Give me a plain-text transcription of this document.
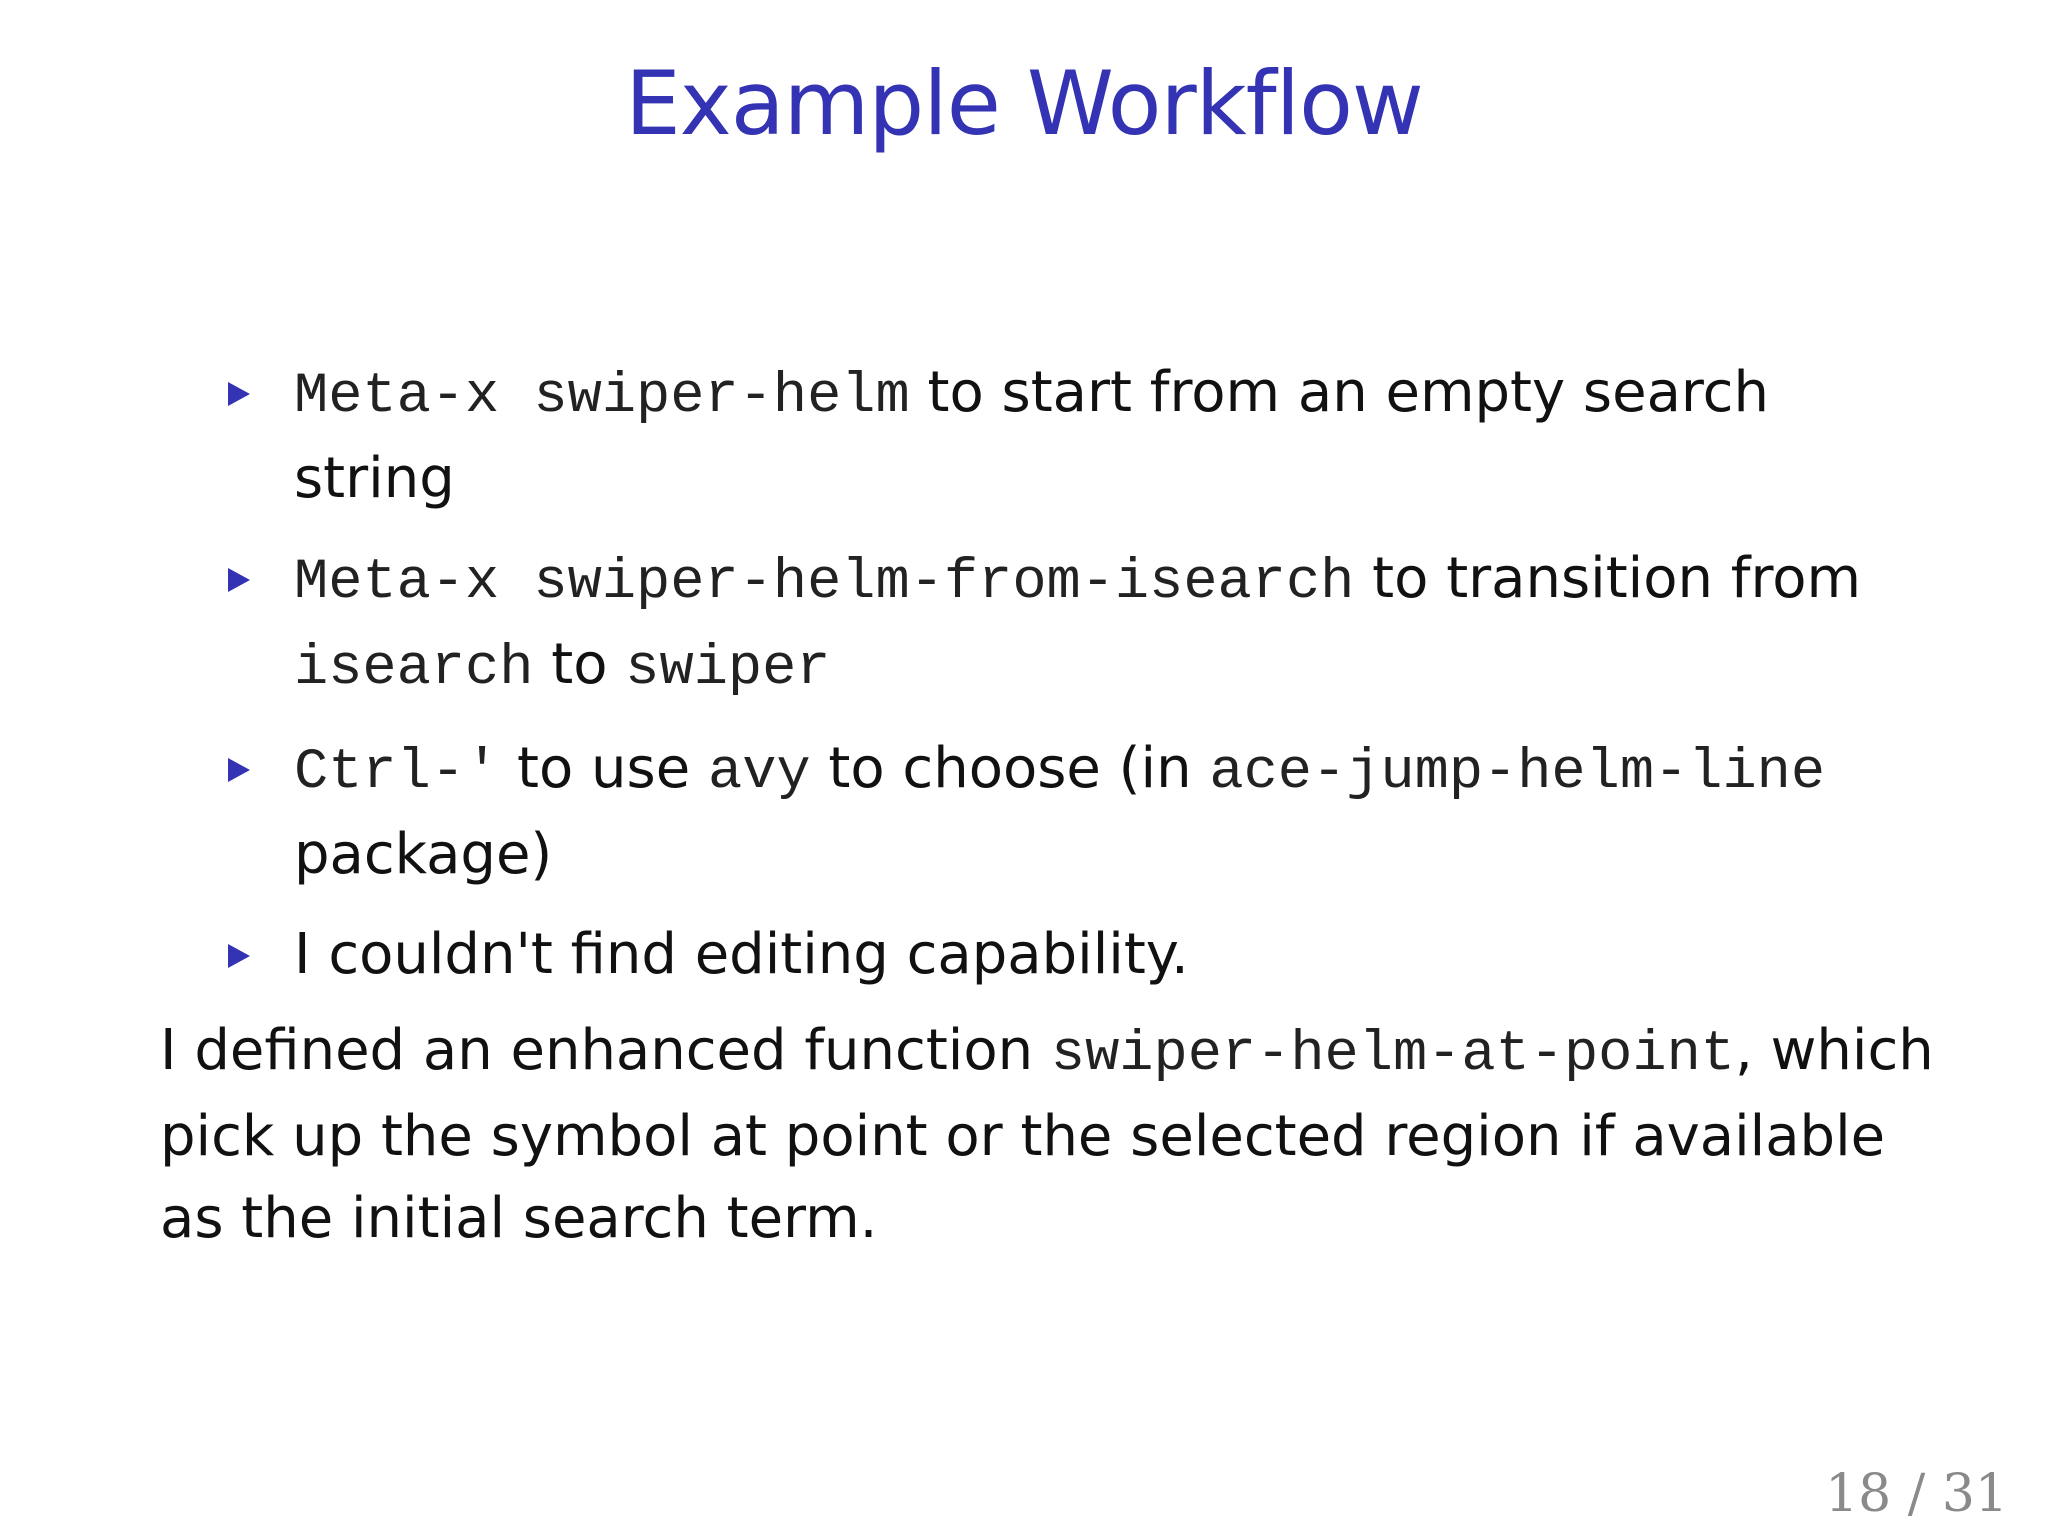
Example Workflow
Meta-x swiper-helm to start from an empty search string
Meta-x swiper-helm-from-isearch to transition from isearch to swiper
Ctrl-' to use avy to choose (in ace-jump-helm-line package)
I couldn't find editing capability.

I defined an enhanced function swiper-helm-at-point, which pick up the symbol at point or the selected region if available as the initial search term.

18 / 31
